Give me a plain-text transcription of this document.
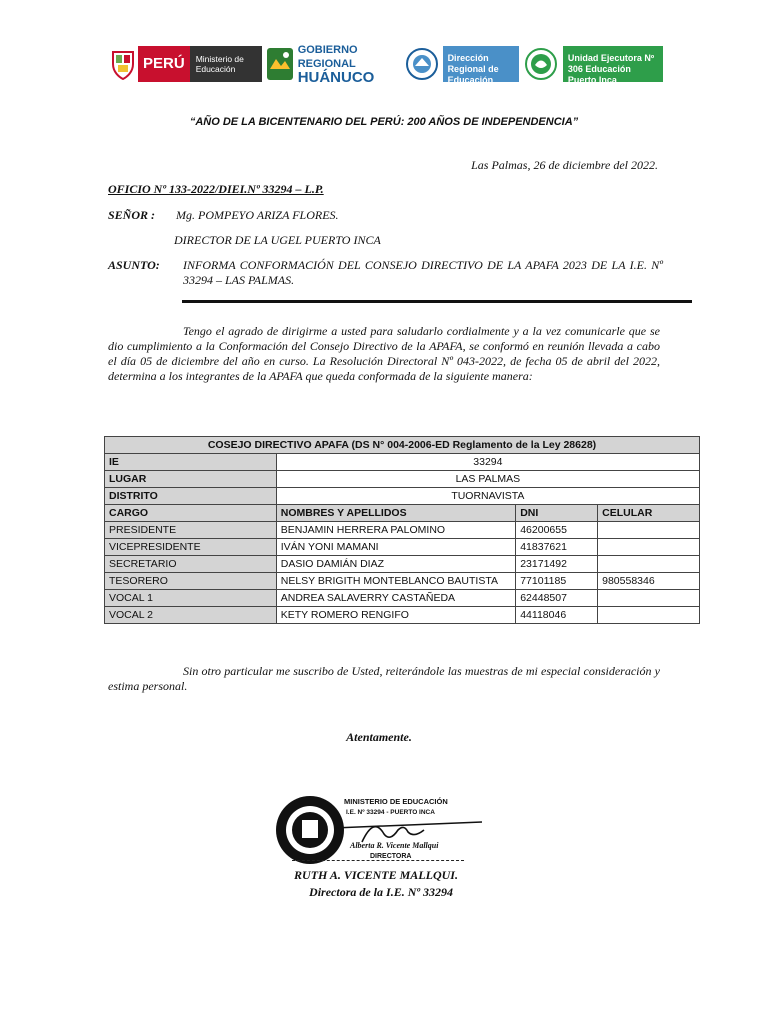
PERÚ	Ministerio de Educación
GOBIERNO REGIONAL
HUÁNUCO
Dirección Regional de Educación
Unidad Ejecutora Nº 306 Educación Puerto Inca
“AÑO DE LA BICENTENARIO DEL PERÚ: 200 AÑOS DE INDEPENDENCIA”
Las Palmas, 26 de diciembre del 2022.
OFICIO Nº 133-2022/DIEI.Nº 33294 – L.P.
SEÑOR : Mg. POMPEYO ARIZA FLORES.
DIRECTOR DE LA UGEL PUERTO INCA
ASUNTO: INFORMA CONFORMACIÓN DEL CONSEJO DIRECTIVO DE LA APAFA 2023 DE LA I.E. Nº 33294 – LAS PALMAS.
Tengo el agrado de dirigirme a usted para saludarlo cordialmente y a la vez comunicarle que se dio cumplimiento a la Conformación del Consejo Directivo de la APAFA, se conformó en reunión llevada a cabo el día 05 de diciembre del año en curso. La Resolución Directoral Nº 043-2022, de fecha 05 de abril del 2022, determina a los integrantes de la APAFA que queda conformada de la siguiente manera:
COSEJO DIRECTIVO APAFA (DS N° 004-2006-ED Reglamento de la Ley 28628)			
IE	33294		
LUGAR	LAS PALMAS		
DISTRITO	TUORNAVISTA		
CARGO	NOMBRES Y APELLIDOS	DNI	CELULAR
PRESIDENTE	BENJAMIN HERRERA PALOMINO	46200655	
VICEPRESIDENTE	IVÁN YONI MAMANI	41837621	
SECRETARIO	DASIO DAMIÁN DIAZ	23171492	
TESORERO	NELSY BRIGITH MONTEBLANCO BAUTISTA	77101185	980558346
VOCAL 1	ANDREA SALAVERRY CASTAÑEDA	62448507	
VOCAL 2	KETY ROMERO RENGIFO	44118046	
Sin otro particular me suscribo de Usted, reiterándole las muestras de mi especial consideración y estima personal.
Atentamente.
MINISTERIO DE EDUCACIÓN
I.E. Nº 33294 - PUERTO INCA
Alberta R. Vicente Mallqui
DIRECTORA
RUTH A. VICENTE MALLQUI.
Directora de la I.E. Nº 33294
